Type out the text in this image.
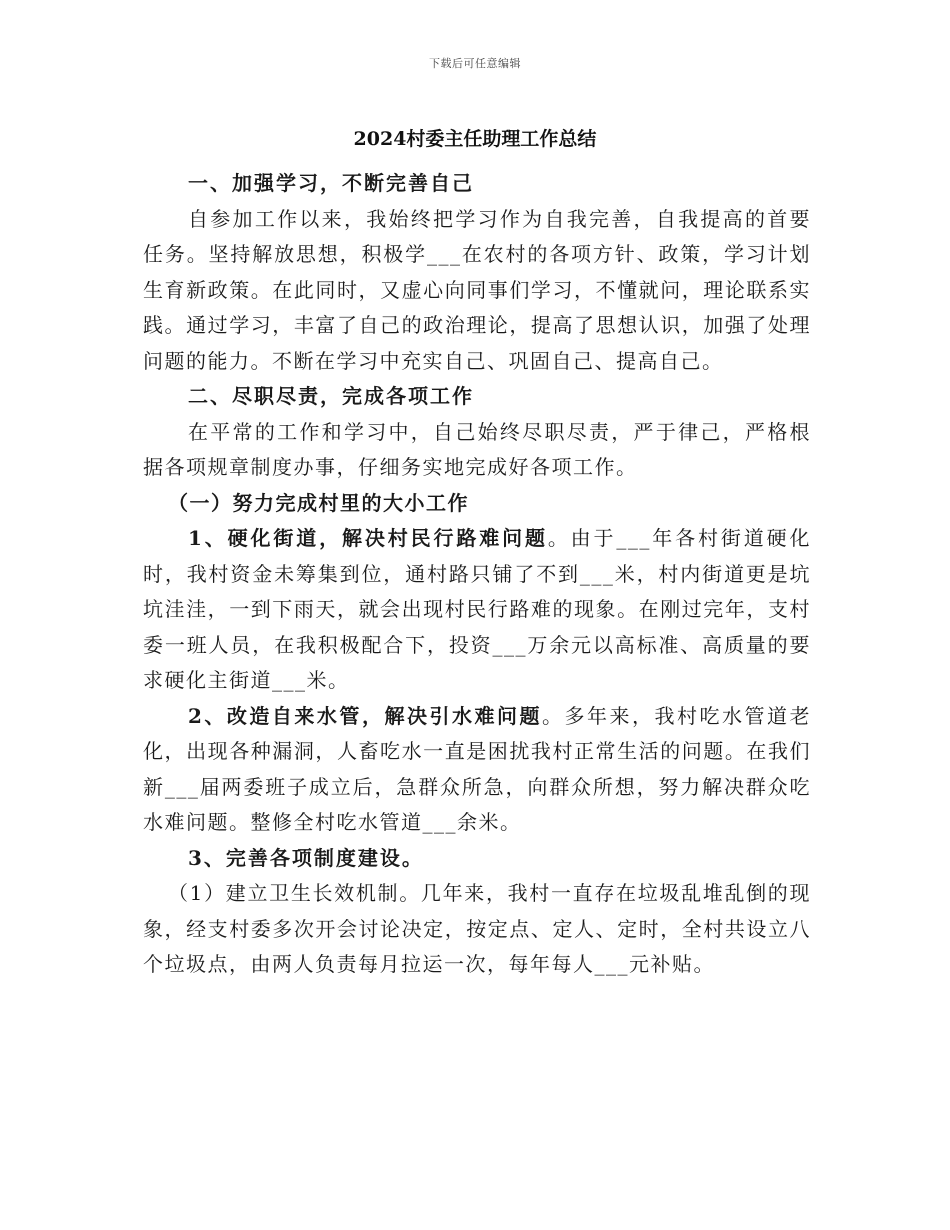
下载后可任意编辑
2024村委主任助理工作总结

一、加强学习，不断完善自己

自参加工作以来，我始终把学习作为自我完善，自我提高的首要任务。坚持解放思想，积极学___在农村的各项方针、政策，学习计划生育新政策。在此同时，又虚心向同事们学习，不懂就问，理论联系实践。通过学习，丰富了自己的政治理论，提高了思想认识，加强了处理问题的能力。不断在学习中充实自己、巩固自己、提高自己。

二、尽职尽责，完成各项工作

在平常的工作和学习中，自己始终尽职尽责，严于律己，严格根据各项规章制度办事，仔细务实地完成好各项工作。

（一）努力完成村里的大小工作

1、硬化街道，解决村民行路难问题。由于___年各村街道硬化时，我村资金未筹集到位，通村路只铺了不到___米，村内街道更是坑坑洼洼，一到下雨天，就会出现村民行路难的现象。在刚过完年，支村委一班人员，在我积极配合下，投资___万余元以高标准、高质量的要求硬化主街道___米。

2、改造自来水管，解决引水难问题。多年来，我村吃水管道老化，出现各种漏洞，人畜吃水一直是困扰我村正常生活的问题。在我们新___届两委班子成立后，急群众所急，向群众所想，努力解决群众吃水难问题。整修全村吃水管道___余米。

3、完善各项制度建设。

（1）建立卫生长效机制。几年来，我村一直存在垃圾乱堆乱倒的现象，经支村委多次开会讨论决定，按定点、定人、定时，全村共设立八个垃圾点，由两人负责每月拉运一次，每年每人___元补贴。
